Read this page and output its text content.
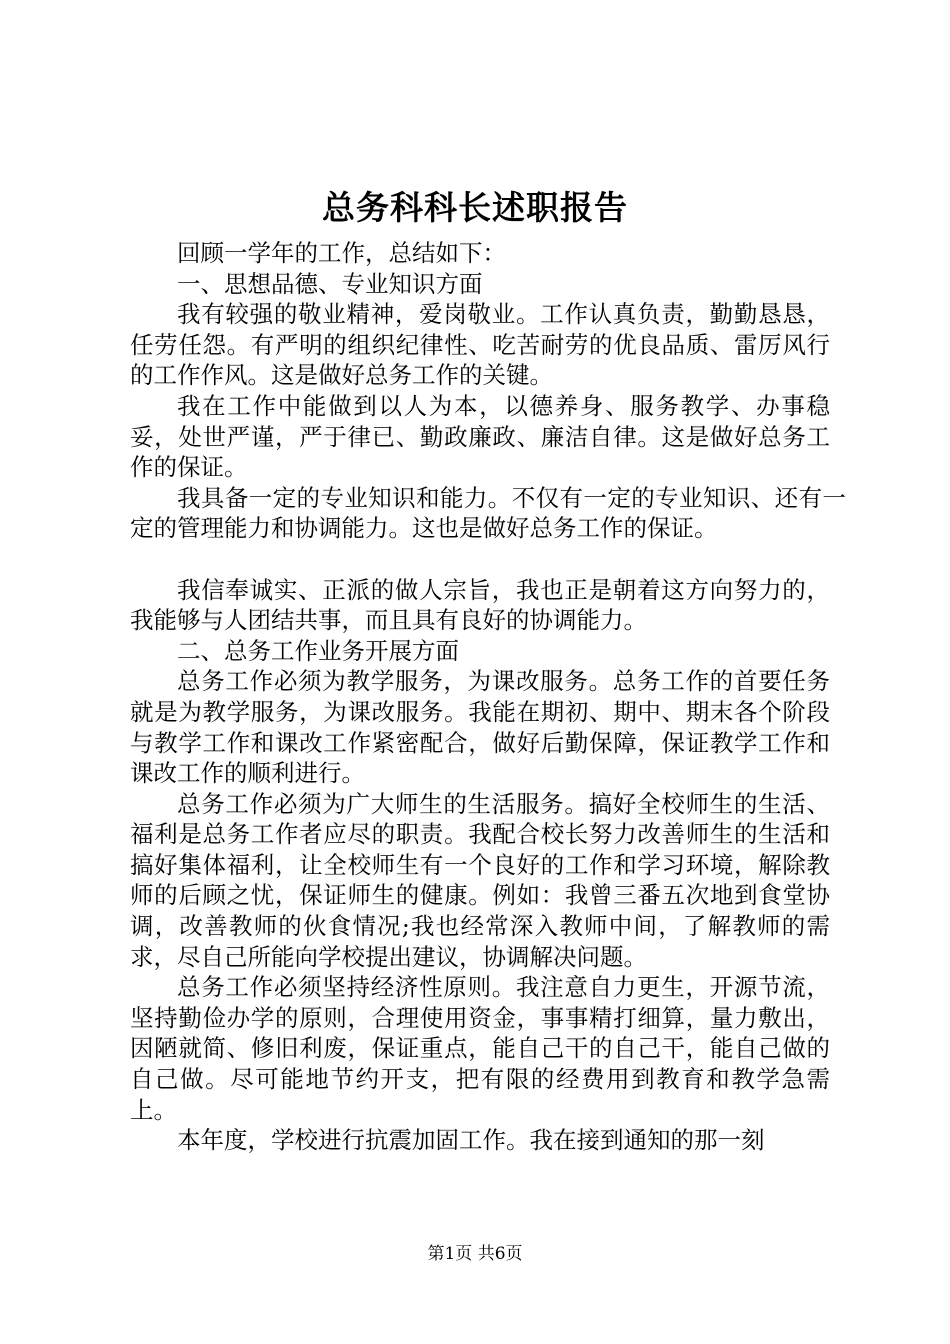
总务科科长述职报告

回顾一学年的工作，总结如下：

一、思想品德、专业知识方面

我有较强的敬业精神，爱岗敬业。工作认真负责，勤勤恳恳，任劳任怨。有严明的组织纪律性、吃苦耐劳的优良品质、雷厉风行的工作作风。这是做好总务工作的关键。

我在工作中能做到以人为本，以德养身、服务教学、办事稳妥，处世严谨，严于律已、勤政廉政、廉洁自律。这是做好总务工作的保证。

我具备一定的专业知识和能力。不仅有一定的专业知识、还有一定的管理能力和协调能力。这也是做好总务工作的保证。

我信奉诚实、正派的做人宗旨，我也正是朝着这方向努力的，我能够与人团结共事，而且具有良好的协调能力。

二、总务工作业务开展方面

总务工作必须为教学服务，为课改服务。总务工作的首要任务就是为教学服务，为课改服务。我能在期初、期中、期末各个阶段与教学工作和课改工作紧密配合，做好后勤保障，保证教学工作和课改工作的顺利进行。

总务工作必须为广大师生的生活服务。搞好全校师生的生活、福利是总务工作者应尽的职责。我配合校长努力改善师生的生活和搞好集体福利，让全校师生有一个良好的工作和学习环境，解除教师的后顾之忧，保证师生的健康。例如：我曾三番五次地到食堂协调，改善教师的伙食情况;我也经常深入教师中间，了解教师的需求，尽自己所能向学校提出建议，协调解决问题。

总务工作必须坚持经济性原则。我注意自力更生，开源节流，坚持勤俭办学的原则，合理使用资金，事事精打细算，量力敷出，因陋就简、修旧利废，保证重点，能自己干的自己干，能自己做的自己做。尽可能地节约开支，把有限的经费用到教育和教学急需上。

本年度，学校进行抗震加固工作。我在接到通知的那一刻

第1页 共6页
